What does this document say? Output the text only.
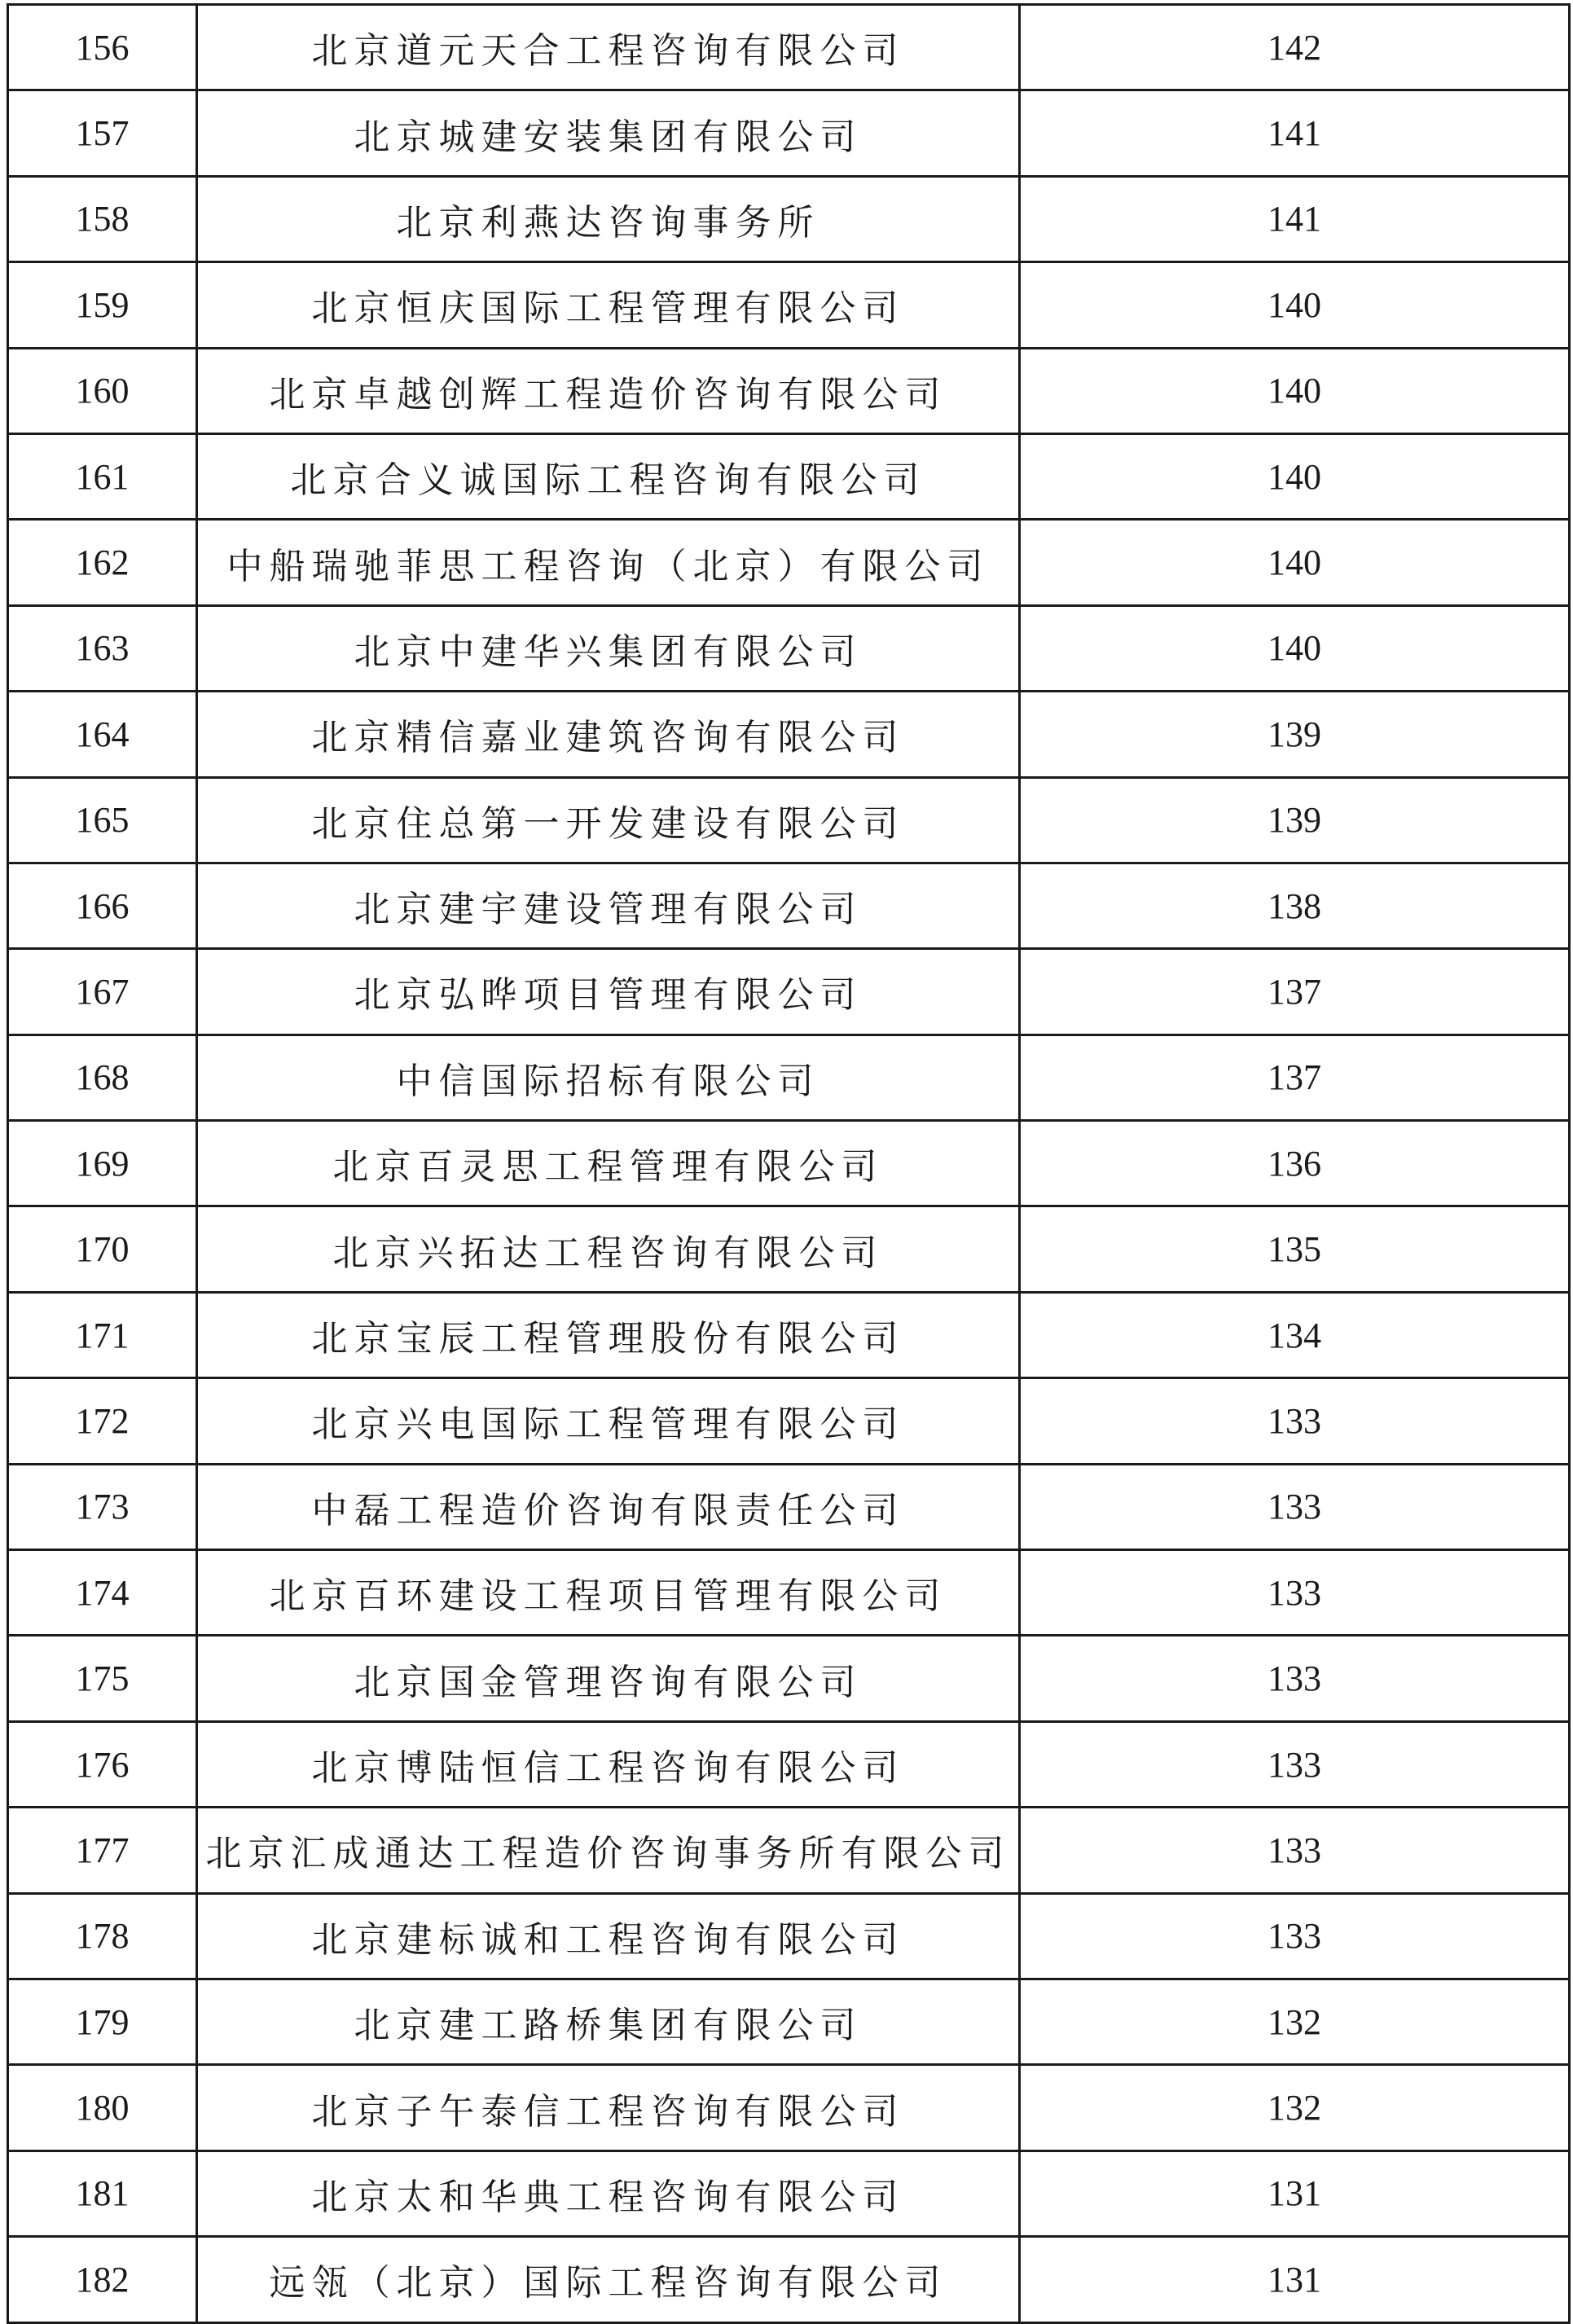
156	北京道元天合工程咨询有限公司	142
157	北京城建安装集团有限公司	141
158	北京利燕达咨询事务所	141
159	北京恒庆国际工程管理有限公司	140
160	北京卓越创辉工程造价咨询有限公司	140
161	北京合义诚国际工程咨询有限公司	140
162	中船瑞驰菲思工程咨询（北京）有限公司	140
163	北京中建华兴集团有限公司	140
164	北京精信嘉业建筑咨询有限公司	139
165	北京住总第一开发建设有限公司	139
166	北京建宇建设管理有限公司	138
167	北京弘晔项目管理有限公司	137
168	中信国际招标有限公司	137
169	北京百灵思工程管理有限公司	136
170	北京兴拓达工程咨询有限公司	135
171	北京宝辰工程管理股份有限公司	134
172	北京兴电国际工程管理有限公司	133
173	中磊工程造价咨询有限责任公司	133
174	北京百环建设工程项目管理有限公司	133
175	北京国金管理咨询有限公司	133
176	北京博陆恒信工程咨询有限公司	133
177	北京汇成通达工程造价咨询事务所有限公司	133
178	北京建标诚和工程咨询有限公司	133
179	北京建工路桥集团有限公司	132
180	北京子午泰信工程咨询有限公司	132
181	北京太和华典工程咨询有限公司	131
182	远瓴（北京）国际工程咨询有限公司	131
